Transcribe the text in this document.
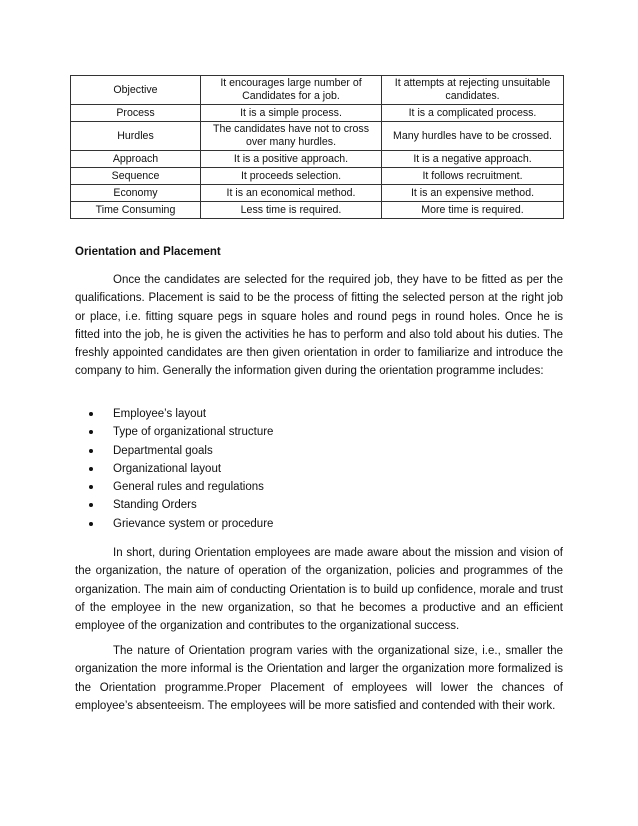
Objective	It encourages large number of Candidates for a job.	It attempts at rejecting unsuitable candidates.
Process	It is a simple process.	It is a complicated process.
Hurdles	The candidates have not to cross over many hurdles.	Many hurdles have to be crossed.
Approach	It is a positive approach.	It is a negative approach.
Sequence	It proceeds selection.	It follows recruitment.
Economy	It is an economical method.	It is an expensive method.
Time Consuming	Less time is required.	More time is required.

Orientation and Placement

Once the candidates are selected for the required job, they have to be fitted as per the qualifications. Placement is said to be the process of fitting the selected person at the right job or place, i.e. fitting square pegs in square holes and round pegs in round holes. Once he is fitted into the job, he is given the activities he has to perform and also told about his duties. The freshly appointed candidates are then given orientation in order to familiarize and introduce the company to him. Generally the information given during the orientation programme includes:

Employee’s layout
Type of organizational structure
Departmental goals
Organizational layout
General rules and regulations
Standing Orders
Grievance system or procedure

In short, during Orientation employees are made aware about the mission and vision of the organization, the nature of operation of the organization, policies and programmes of the organization. The main aim of conducting Orientation is to build up confidence, morale and trust of the employee in the new organization, so that he becomes a productive and an efficient employee of the organization and contributes to the organizational success.

The nature of Orientation program varies with the organizational size, i.e., smaller the organization the more informal is the Orientation and larger the organization more formalized is the Orientation programme.Proper Placement of employees will lower the chances of employee’s absenteeism. The employees will be more satisfied and contended with their work.
